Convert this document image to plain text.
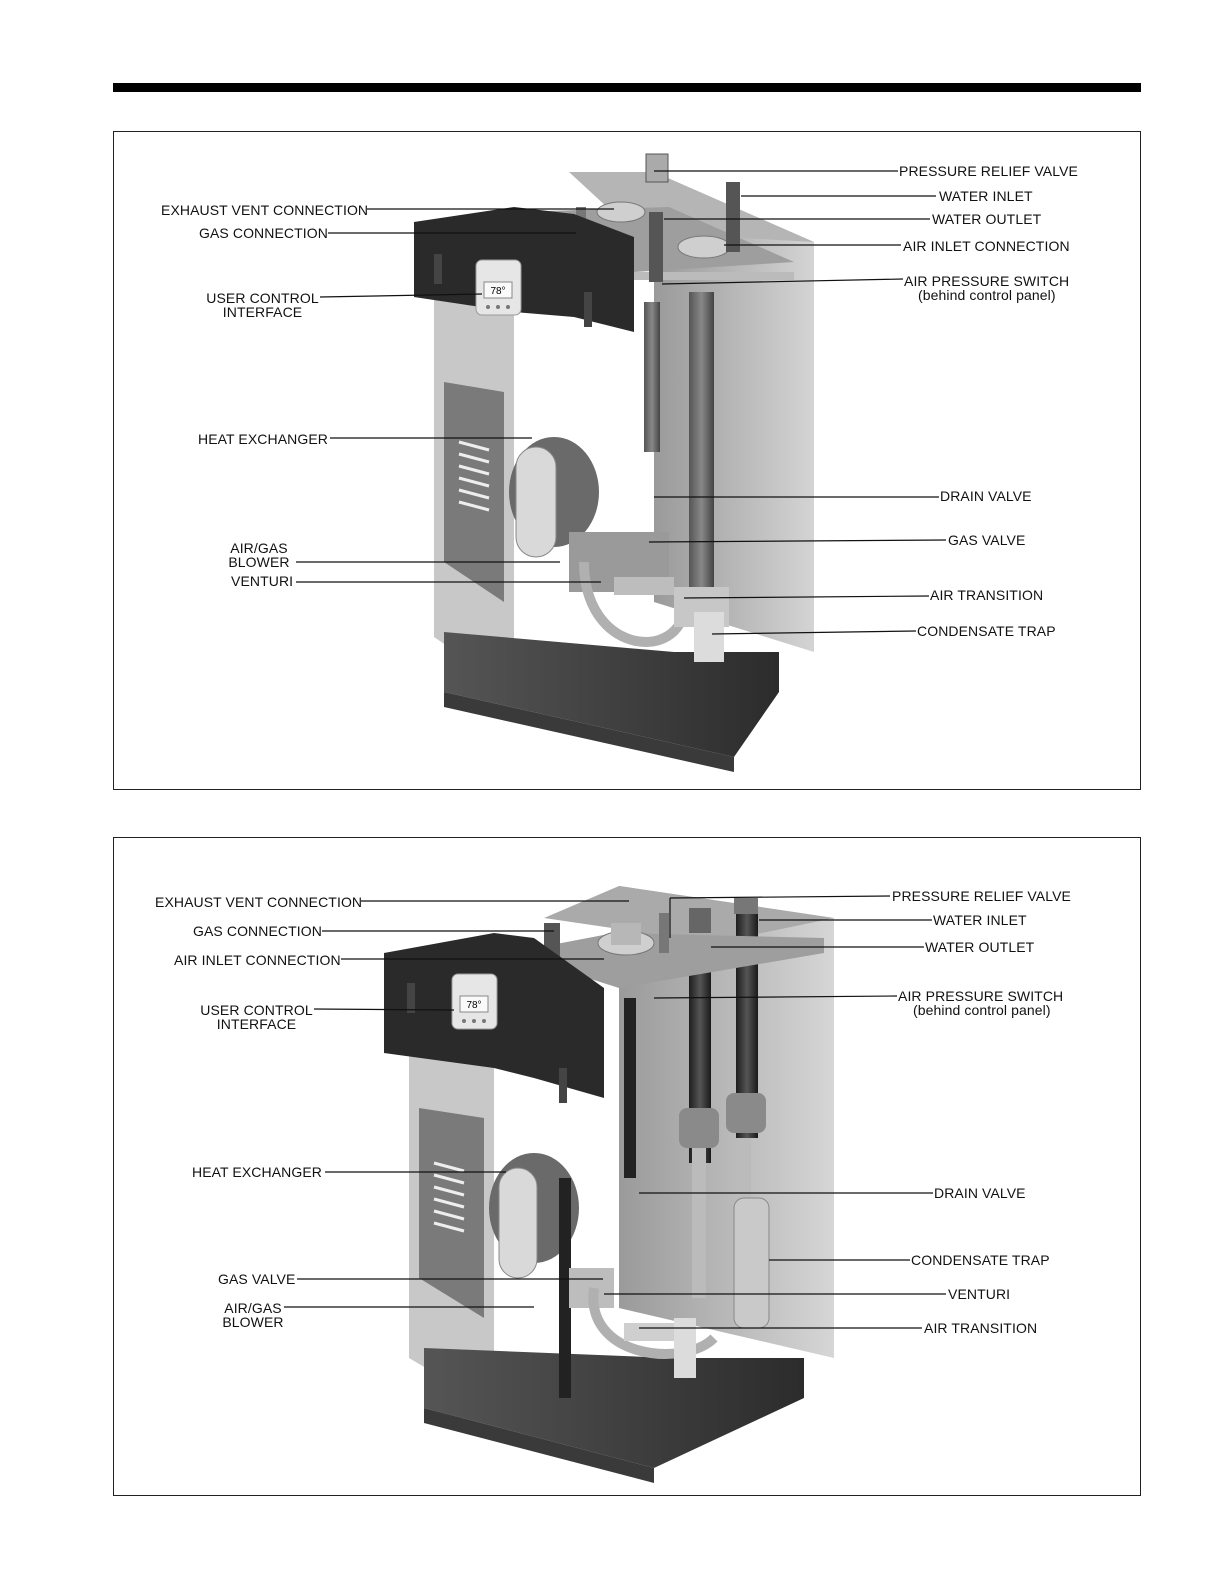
78°
EXHAUST VENT CONNECTION
GAS CONNECTION
USER CONTROL
INTERFACE
HEAT EXCHANGER
AIR/GAS
BLOWER
VENTURI
PRESSURE RELIEF VALVE
WATER INLET
WATER OUTLET
AIR INLET CONNECTION
AIR PRESSURE SWITCH
(behind control panel)
DRAIN VALVE
GAS VALVE
AIR TRANSITION
CONDENSATE TRAP
78°
EXHAUST VENT CONNECTION
GAS CONNECTION
AIR INLET CONNECTION
USER CONTROL
INTERFACE
HEAT EXCHANGER
GAS VALVE
AIR/GAS
BLOWER
PRESSURE RELIEF VALVE
WATER INLET
WATER OUTLET
AIR PRESSURE SWITCH
(behind control panel)
DRAIN VALVE
CONDENSATE TRAP
VENTURI
AIR TRANSITION
